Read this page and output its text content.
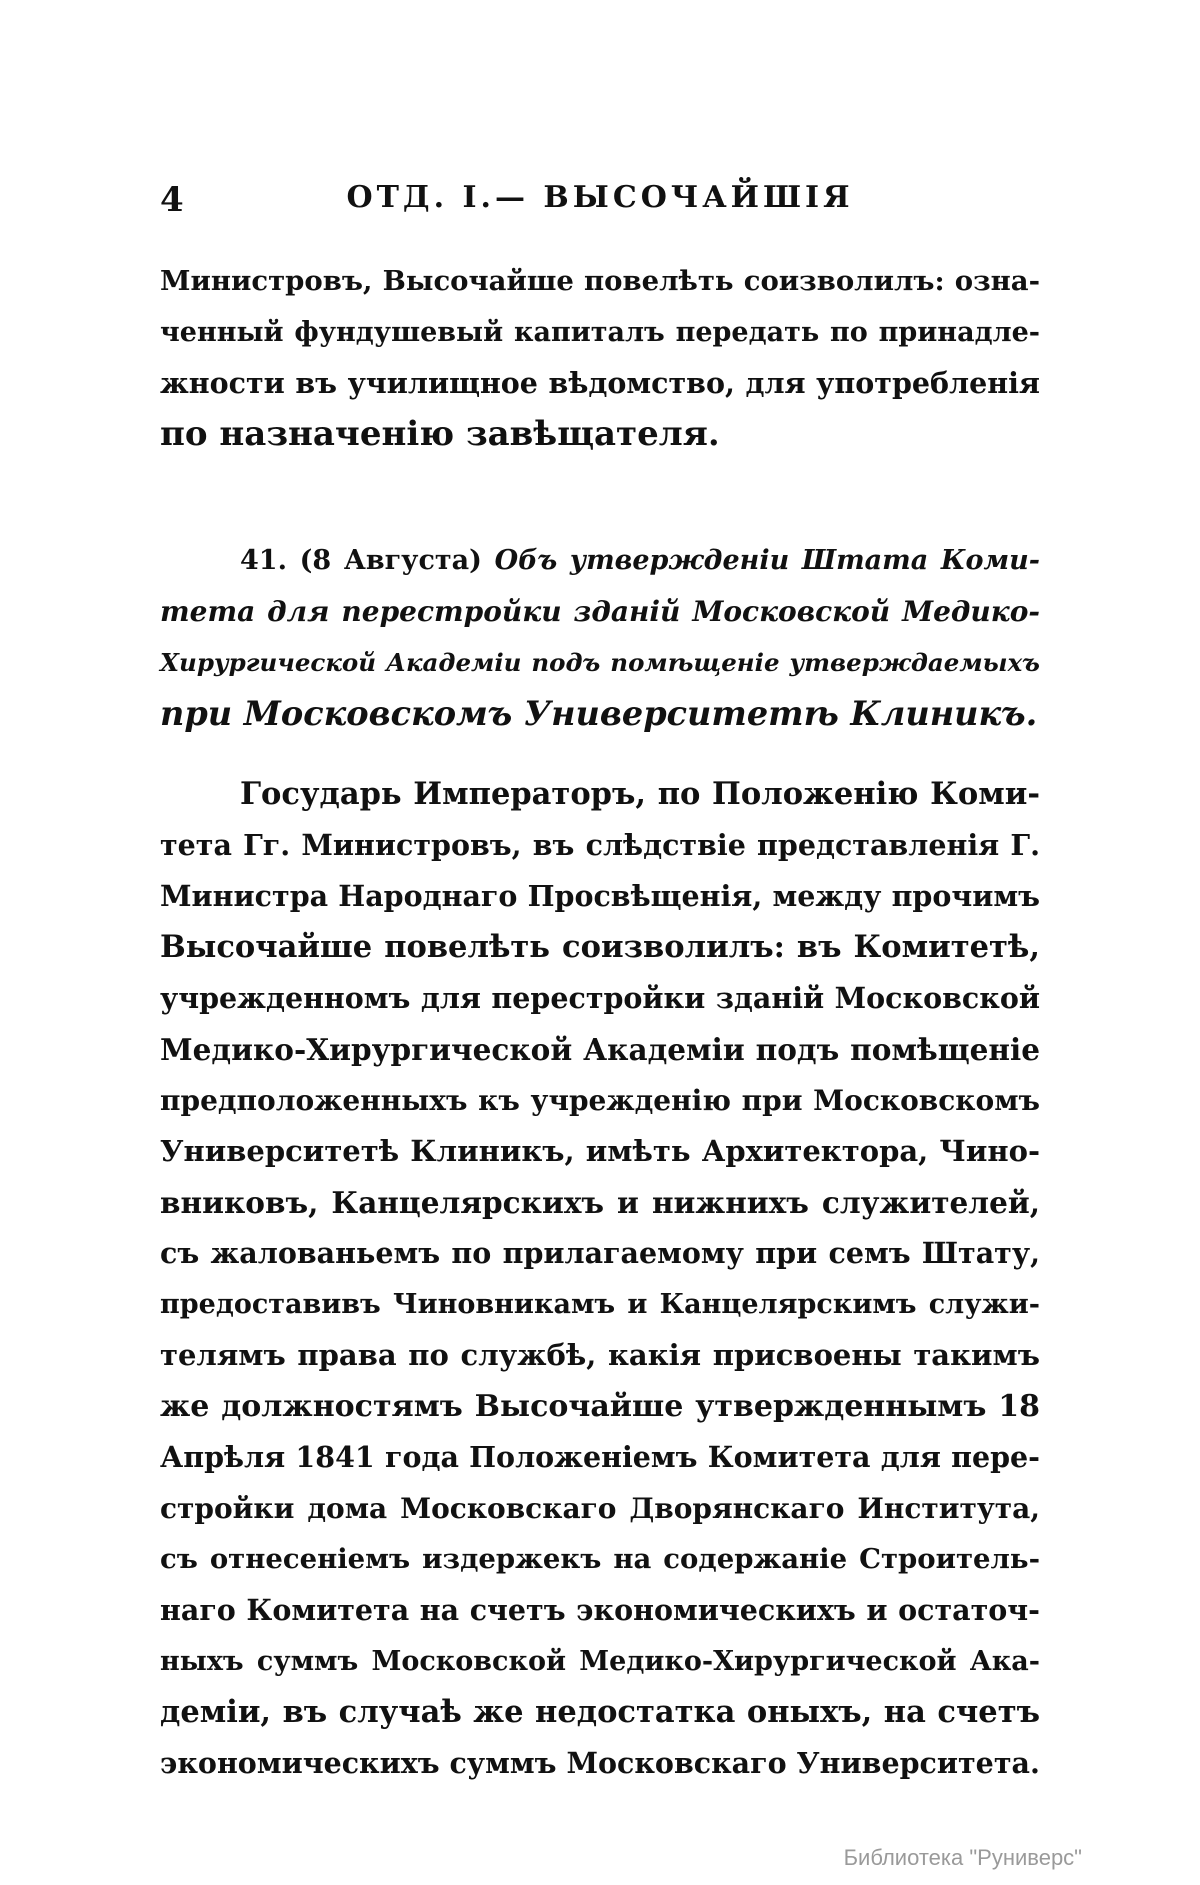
4	ОТД. I.— ВЫСОЧАЙШІЯ
Министровъ, Высочайше повелѣть соизволилъ: озна-
ченный фундушевый капиталъ передать по принадле-
жности въ училищное вѣдомство, для употребленія
по назначенію завѣщателя.
41. (8 Августа) Объ утвержденіи Штата Коми-
тета для перестройки зданій Московской Медико-
Хирургической Академіи подъ помѣщеніе утверждаемыхъ
при Московскомъ Университетѣ Клиникъ.
Государь Императоръ, по Положенію Коми-
тета Гг. Министровъ, въ слѣдствіе представленія Г.
Министра Народнаго Просвѣщенія, между прочимъ
Высочайше повелѣть соизволилъ: въ Комитетѣ,
учрежденномъ для перестройки зданій Московской
Медико-Хирургической Академіи подъ помѣщеніе
предположенныхъ къ учрежденію при Московскомъ
Университетѣ Клиникъ, имѣть Архитектора, Чино-
вниковъ, Канцелярскихъ и нижнихъ служителей,
съ жалованьемъ по прилагаемому при семъ Штату,
предоставивъ Чиновникамъ и Канцелярскимъ служи-
телямъ права по службѣ, какія присвоены такимъ
же должностямъ Высочайше утвержденнымъ 18
Апрѣля 1841 года Положеніемъ Комитета для пере-
стройки дома Московскаго Дворянскаго Института,
съ отнесеніемъ издержекъ на содержаніе Строитель-
наго Комитета на счетъ экономическихъ и остаточ-
ныхъ суммъ Московской Медико-Хирургической Ака-
деміи, въ случаѣ же недостатка оныхъ, на счетъ
экономическихъ суммъ Московскаго Университета.
Библиотека "Руниверс"
